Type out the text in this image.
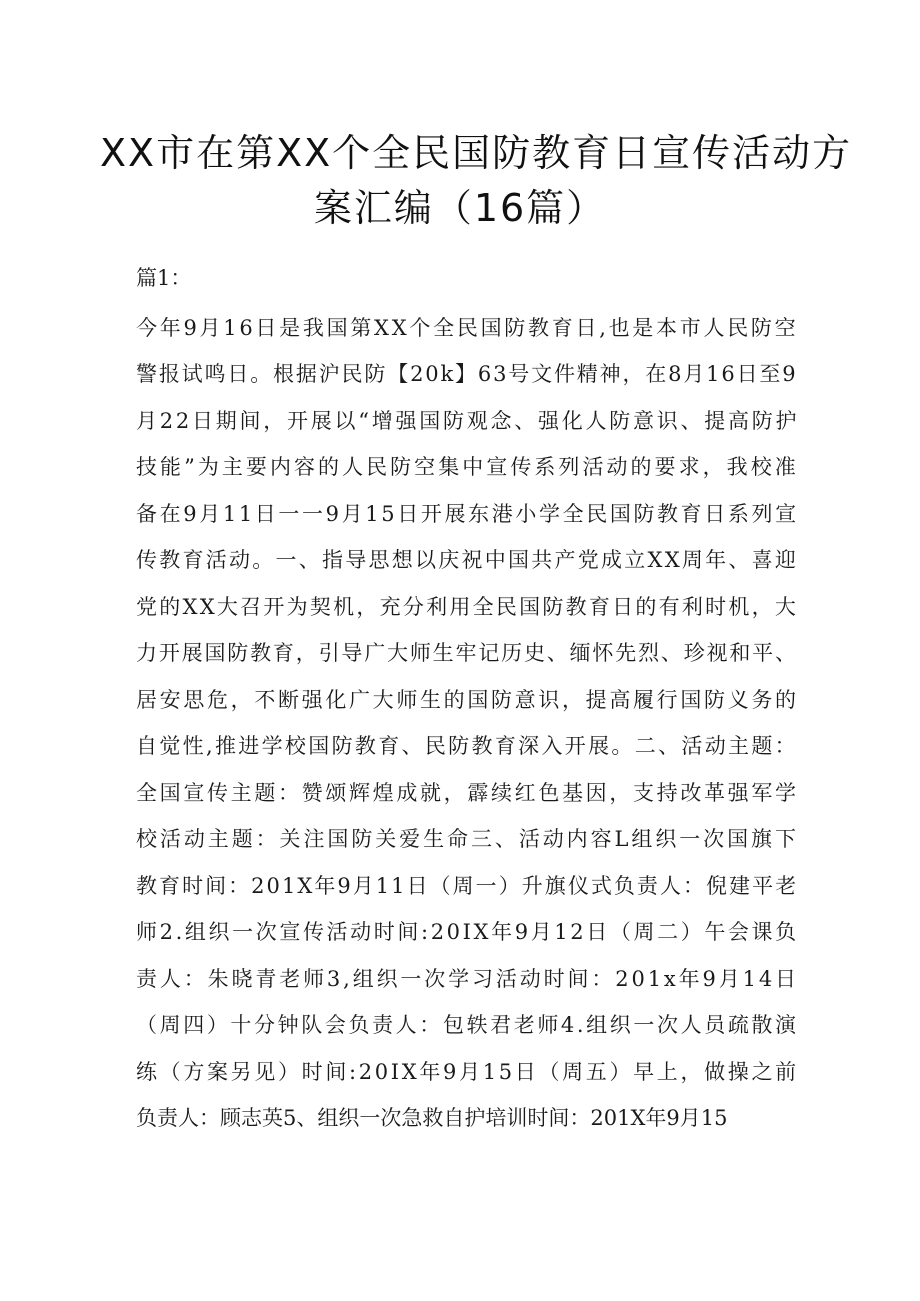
XX市在第XX个全民国防教育日宣传活动方
案汇编（16篇）

篇1：

今年9月16日是我国第XX个全民国防教育日,也是本市人民防空

警报试鸣日。根据沪民防【20k】63号文件精神，在8月16日至9

月22日期间，开展以“增强国防观念、强化人防意识、提高防护

技能”为主要内容的人民防空集中宣传系列活动的要求，我校准

备在9月11日一一9月15日开展东港小学全民国防教育日系列宣

传教育活动。一、指导思想以庆祝中国共产党成立XX周年、喜迎

党的XX大召开为契机，充分利用全民国防教育日的有利时机，大

力开展国防教育，引导广大师生牢记历史、缅怀先烈、珍视和平、

居安思危，不断强化广大师生的国防意识，提高履行国防义务的

自觉性,推进学校国防教育、民防教育深入开展。二、活动主题：

全国宣传主题：赞颂辉煌成就，霹续红色基因，支持改革强军学

校活动主题：关注国防关爱生命三、活动内容L组织一次国旗下

教育时间：201X年9月11日（周一）升旗仪式负责人：倪建平老

师2.组织一次宣传活动时间:20IX年9月12日（周二）午会课负

责人：朱晓青老师3,组织一次学习活动时间：201x年9月14日

（周四）十分钟队会负责人：包轶君老师4.组织一次人员疏散演

练（方案另见）时间:20IX年9月15日（周五）早上，做操之前

负责人：顾志英5、组织一次急救自护培训时间：201X年9月15
